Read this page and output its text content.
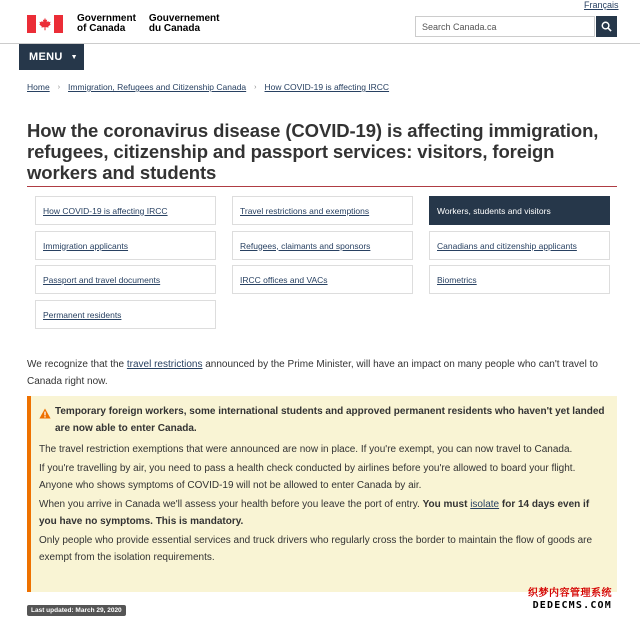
Français
Government
of Canada
Gouvernement
du Canada
Search Canada.ca
MENU ▼
Home › Immigration, Refugees and Citizenship Canada › How COVID-19 is affecting IRCC
How the coronavirus disease (COVID-19) is affecting immigration, refugees, citizenship and passport services: visitors, foreign workers and students
How COVID-19 is affecting IRCC	Travel restrictions and exemptions	Workers, students and visitors
Immigration applicants	Refugees, claimants and sponsors	Canadians and citizenship applicants
Passport and travel documents	IRCC offices and VACs	Biometrics
Permanent residents

We recognize that the travel restrictions announced by the Prime Minister, will have an impact on many people who can't travel to Canada right now.

Temporary foreign workers, some international students and approved permanent residents who haven't yet landed are now able to enter Canada.

The travel restriction exemptions that were announced are now in place. If you're exempt, you can now travel to Canada.

If you're travelling by air, you need to pass a health check conducted by airlines before you're allowed to board your flight. Anyone who shows symptoms of COVID-19 will not be allowed to enter Canada by air.

When you arrive in Canada we'll assess your health before you leave the port of entry. You must isolate for 14 days even if you have no symptoms. This is mandatory.

Only people who provide essential services and truck drivers who regularly cross the border to maintain the flow of goods are exempt from the isolation requirements.

Last updated: March 29, 2020
织梦内容管理系统
DEDECMS.COM
